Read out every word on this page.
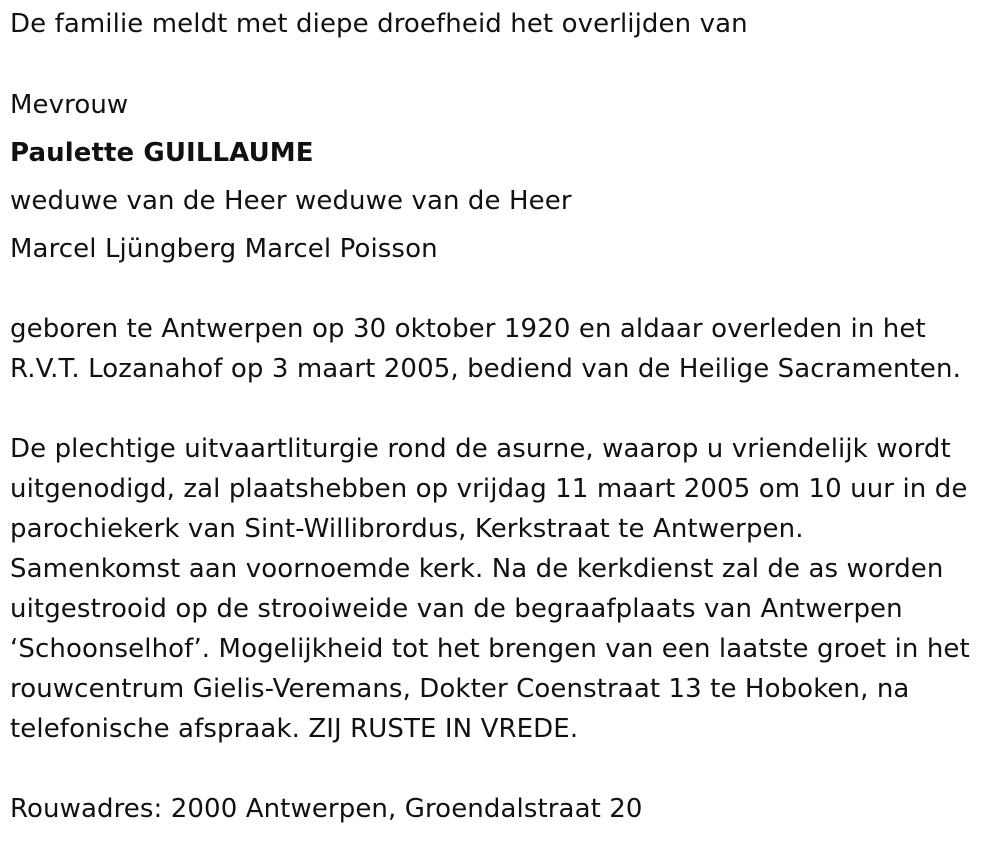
De familie meldt met diepe droefheid het overlijden van
Mevrouw
Paulette GUILLAUME
weduwe van de Heer weduwe van de Heer
Marcel Ljüngberg Marcel Poisson
geboren te Antwerpen op 30 oktober 1920 en aldaar overleden in het
R.V.T. Lozanahof op 3 maart 2005, bediend van de Heilige Sacramenten.
De plechtige uitvaartliturgie rond de asurne, waarop u vriendelijk wordt
uitgenodigd, zal plaatshebben op vrijdag 11 maart 2005 om 10 uur in de
parochiekerk van Sint-Willibrordus, Kerkstraat te Antwerpen.
Samenkomst aan voornoemde kerk. Na de kerkdienst zal de as worden
uitgestrooid op de strooiweide van de begraafplaats van Antwerpen
‘Schoonselhof’. Mogelijkheid tot het brengen van een laatste groet in het
rouwcentrum Gielis-Veremans, Dokter Coenstraat 13 te Hoboken, na
telefonische afspraak. ZIJ RUSTE IN VREDE.
Rouwadres: 2000 Antwerpen, Groendalstraat 20
